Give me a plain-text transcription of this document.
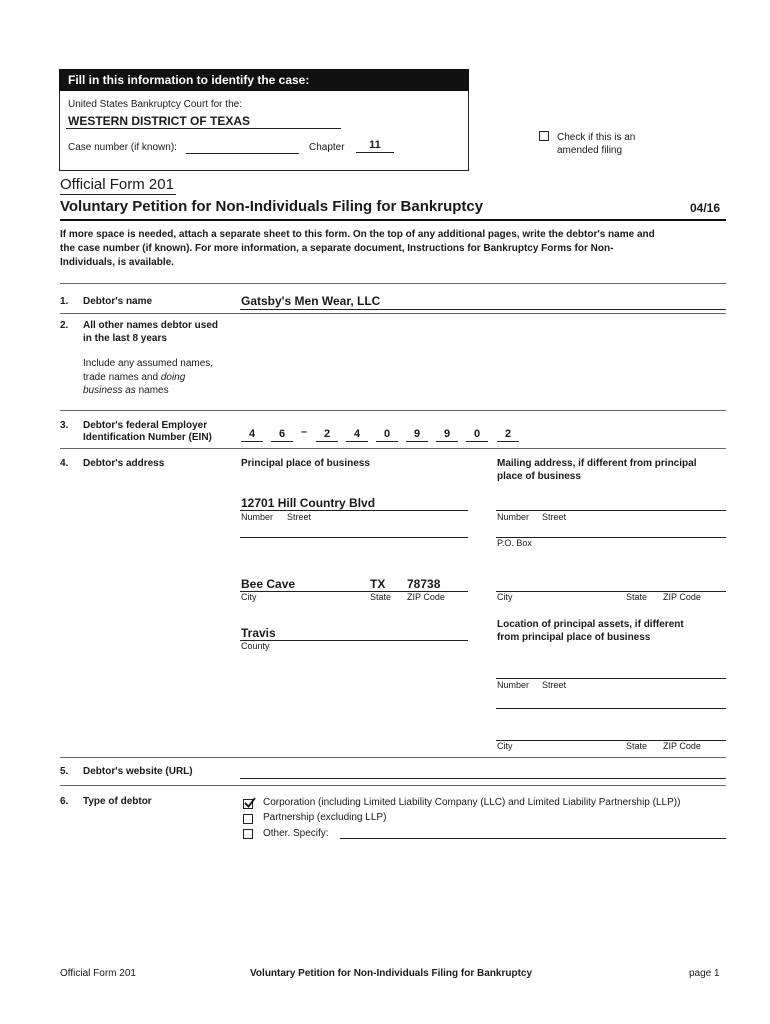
Fill in this information to identify the case:
United States Bankruptcy Court for the:
WESTERN DISTRICT OF TEXAS
Case number (if known):	Chapter	11
Check if this is an
amended filing
Official Form 201
Voluntary Petition for Non-Individuals Filing for Bankruptcy	04/16
If more space is needed, attach a separate sheet to this form. On the top of any additional pages, write the debtor's name and
the case number (if known). For more information, a separate document, Instructions for Bankruptcy Forms for Non-
Individuals, is available.
1. Debtor's name	Gatsby's Men Wear, LLC
2. All other names debtor used
in the last 8 years
Include any assumed names,
trade names and doing
business as names
3. Debtor's federal Employer
Identification Number (EIN)	4	6	–	2	4	0	9	9	0	2
4. Debtor's address	Principal place of business
12701 Hill Country Blvd
Number Street
Bee Cave	TX 78738
City	State ZIP Code
Travis
County
Mailing address, if different from principal
place of business
Number Street
P.O. Box
City	State ZIP Code
Location of principal assets, if different
from principal place of business
Number Street
City	State ZIP Code
5. Debtor's website (URL)
6. Type of debtor	Corporation (including Limited Liability Company (LLC) and Limited Liability Partnership (LLP))
Partnership (excluding LLP)
Other. Specify:
Official Form 201	Voluntary Petition for Non-Individuals Filing for Bankruptcy	page 1
